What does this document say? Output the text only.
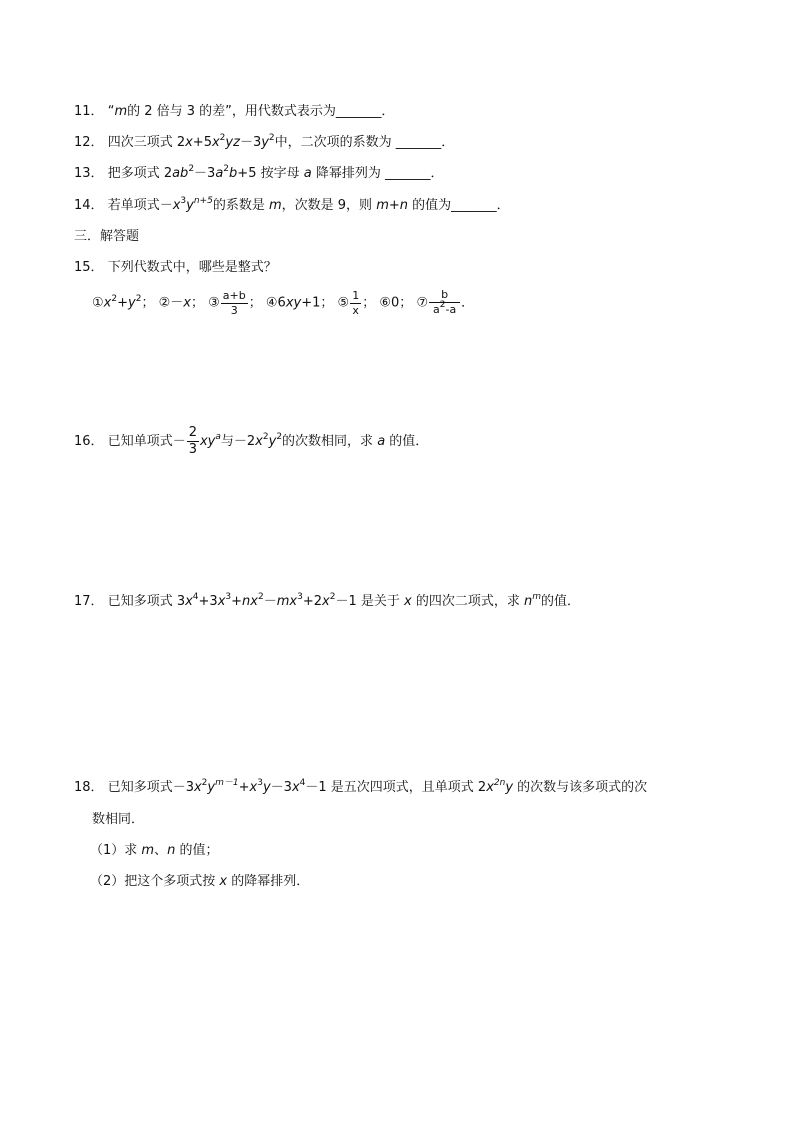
11． “m的 2 倍与 3 的差”，用代数式表示为_______．
12． 四次三项式 $2x+5x^2yz-3y^2$中，二次项的系数为 _______．
13． 把多项式 $2ab^2-3a^2b+5$ 按字母 a 降幂排列为 _______．
14． 若单项式$-x^3y^{n+5}$的系数是 m，次数是 9，则 m+n 的值为_______．
三．解答题
15． 下列代数式中，哪些是整式？
$①x^2+y^2$； ②－x； ③ $\frac{a+b}{3}$ ； ④6xy+1； ⑤ $\frac{1}{x}$ ； ⑥0； ⑦ $\frac{b}{a^2-a}$ ．
16． 已知单项式－ $\frac{2}{3} xy^a$与$-2x^2y^2$的次数相同，求 a 的值．
17． 已知多项式 $3x^4+3x^3+nx^2-mx^3+2x^2-1$ 是关于 x 的四次二项式，求 $n^m$的值．
18． 已知多项式$-3x^2y^{m-1}+x^3y-3x^4-1$ 是五次四项式，且单项式 $2x^{2n}y$ 的次数与该多项式的次
数相同．
（1）求 m、n 的值；
（2）把这个多项式按 x 的降幂排列．
